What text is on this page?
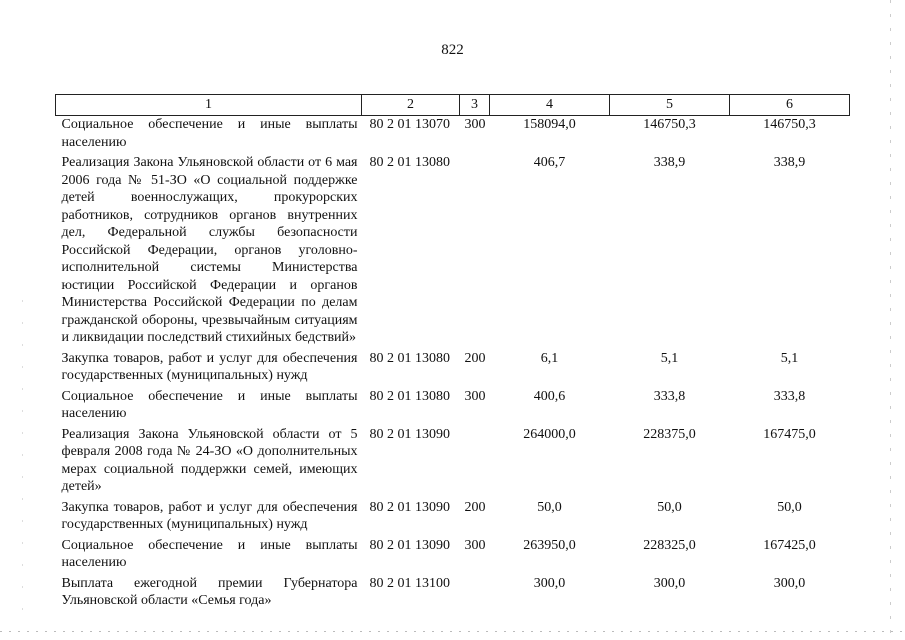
822
1	2	3	4	5	6
Социальное обеспечение и иные выплаты населению	80 2 01 13070	300	158094,0	146750,3	146750,3
Реализация Закона Ульяновской области от 6 мая 2006 года № 51-ЗО «О социальной поддержке детей военнослужащих, прокурорских работников, сотрудников органов внутренних дел, Федеральной службы безопасности Российской Федерации, органов уголовно-исполнительной системы Министерства юстиции Российской Федерации и органов Министерства Российской Федерации по делам гражданской обороны, чрезвычайным ситуациям и ликвидации последствий стихийных бедствий»	80 2 01 13080		406,7	338,9	338,9
Закупка товаров, работ и услуг для обеспечения государственных (муниципальных) нужд	80 2 01 13080	200	6,1	5,1	5,1
Социальное обеспечение и иные выплаты населению	80 2 01 13080	300	400,6	333,8	333,8
Реализация Закона Ульяновской области от 5 февраля 2008 года № 24-ЗО «О дополнительных мерах социальной поддержки семей, имеющих детей»	80 2 01 13090		264000,0	228375,0	167475,0
Закупка товаров, работ и услуг для обеспечения государственных (муниципальных) нужд	80 2 01 13090	200	50,0	50,0	50,0
Социальное обеспечение и иные выплаты населению	80 2 01 13090	300	263950,0	228325,0	167425,0
Выплата ежегодной премии Губернатора Ульяновской области «Семья года»	80 2 01 13100		300,0	300,0	300,0
